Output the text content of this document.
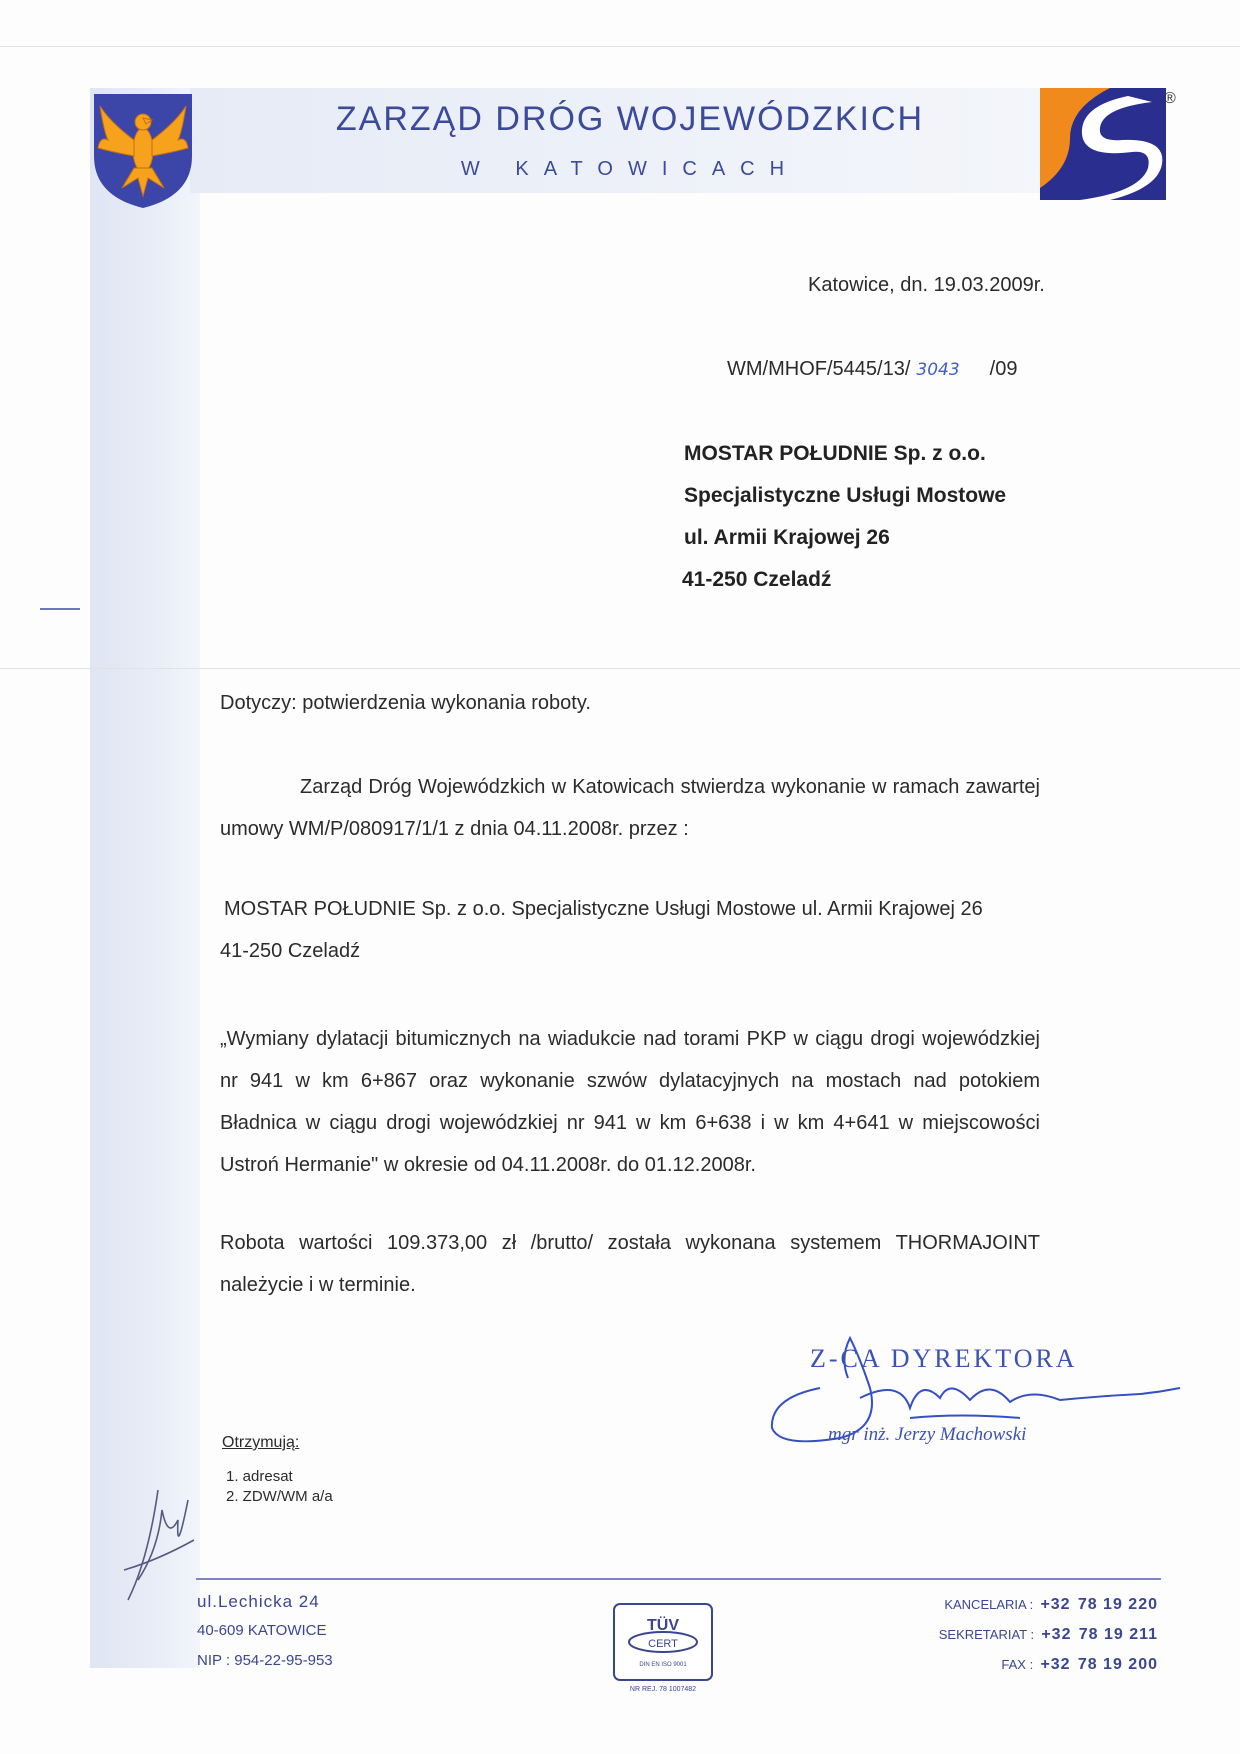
®
ZARZĄD DRÓG WOJEWÓDZKICH
W KATOWICACH
Katowice, dn. 19.03.2009r.
WM/MHOF/5445/13/ 3043 /09
MOSTAR POŁUDNIE Sp. z o.o.
Specjalistyczne Usługi Mostowe
ul. Armii Krajowej 26
41-250 Czeladź
Dotyczy: potwierdzenia wykonania roboty.
Zarząd Dróg Wojewódzkich w Katowicach stwierdza wykonanie w ramach zawartej umowy WM/P/080917/1/1 z dnia 04.11.2008r. przez :
MOSTAR POŁUDNIE Sp. z o.o. Specjalistyczne Usługi Mostowe ul. Armii Krajowej 26
41-250 Czeladź
„Wymiany dylatacji bitumicznych na wiadukcie nad torami PKP w ciągu drogi wojewódzkiej nr 941 w km 6+867 oraz wykonanie szwów dylatacyjnych na mostach nad potokiem Bładnica w ciągu drogi wojewódzkiej nr 941 w km 6+638 i w km 4+641 w miejscowości Ustroń Hermanie" w okresie od 04.11.2008r. do 01.12.2008r.
Robota wartości 109.373,00 zł /brutto/ została wykonana systemem THORMAJOINT należycie i w terminie.
Z-CA DYREKTORA
mgr inż. Jerzy Machowski
Otrzymują:
1. adresat
2. ZDW/WM a/a
ul.Lechicka 24
40-609 KATOWICE
NIP : 954-22-95-953
TÜV
CERT
DIN EN ISO 9001
NR REJ. 78 1007482
KANCELARIA : +32 78 19 220
SEKRETARIAT : +32 78 19 211
FAX : +32 78 19 200
